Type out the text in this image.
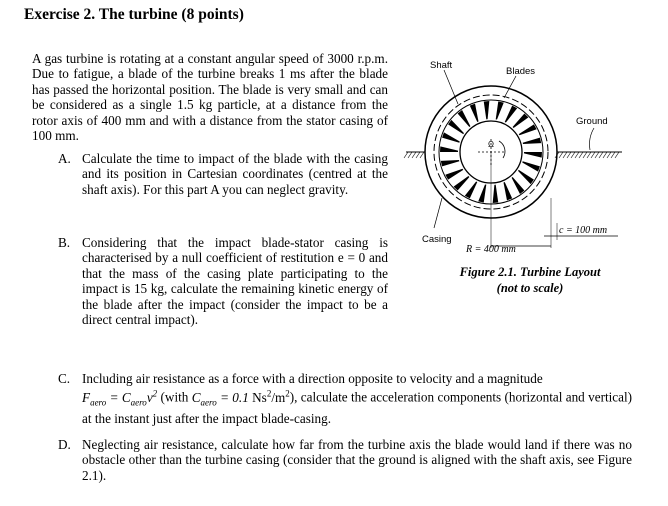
Exercise 2. The turbine (8 points)
A gas turbine is rotating at a constant angular speed of 3000 r.p.m. Due to fatigue, a blade of the turbine breaks 1 ms after the blade has passed the horizontal position. The blade is very small and can be considered as a single 1.5 kg particle, at a distance from the rotor axis of 400 mm and with a distance from the stator casing of 100 mm.
A. Calculate the time to impact of the blade with the casing and its position in Cartesian coordinates (centred at the shaft axis). For this part A you can neglect gravity.
B. Considering that the impact blade-stator casing is characterised by a null coefficient of restitution e = 0 and that the mass of the casing plate participating to the impact is 15 kg, calculate the remaining kinetic energy of the blade after the impact (consider the impact to be a direct central impact).
C. Including air resistance as a force with a direction opposite to velocity and a magnitude
$F_{aero} = C_{aero}v^2$ (with $C_{aero} = 0.1$ $Ns^2/m^2$), calculate the acceleration components (horizontal and vertical) at the instant just after the impact blade-casing.
D. Neglecting air resistance, calculate how far from the turbine axis the blade would land if there was no obstacle other than the turbine casing (consider that the ground is aligned with the shaft axis, see Figure 2.1).
Shaft
Blades
Ground
Ω
Casing
c = 100 mm
R = 400 mm
Figure 2.1. Turbine Layout
(not to scale)
